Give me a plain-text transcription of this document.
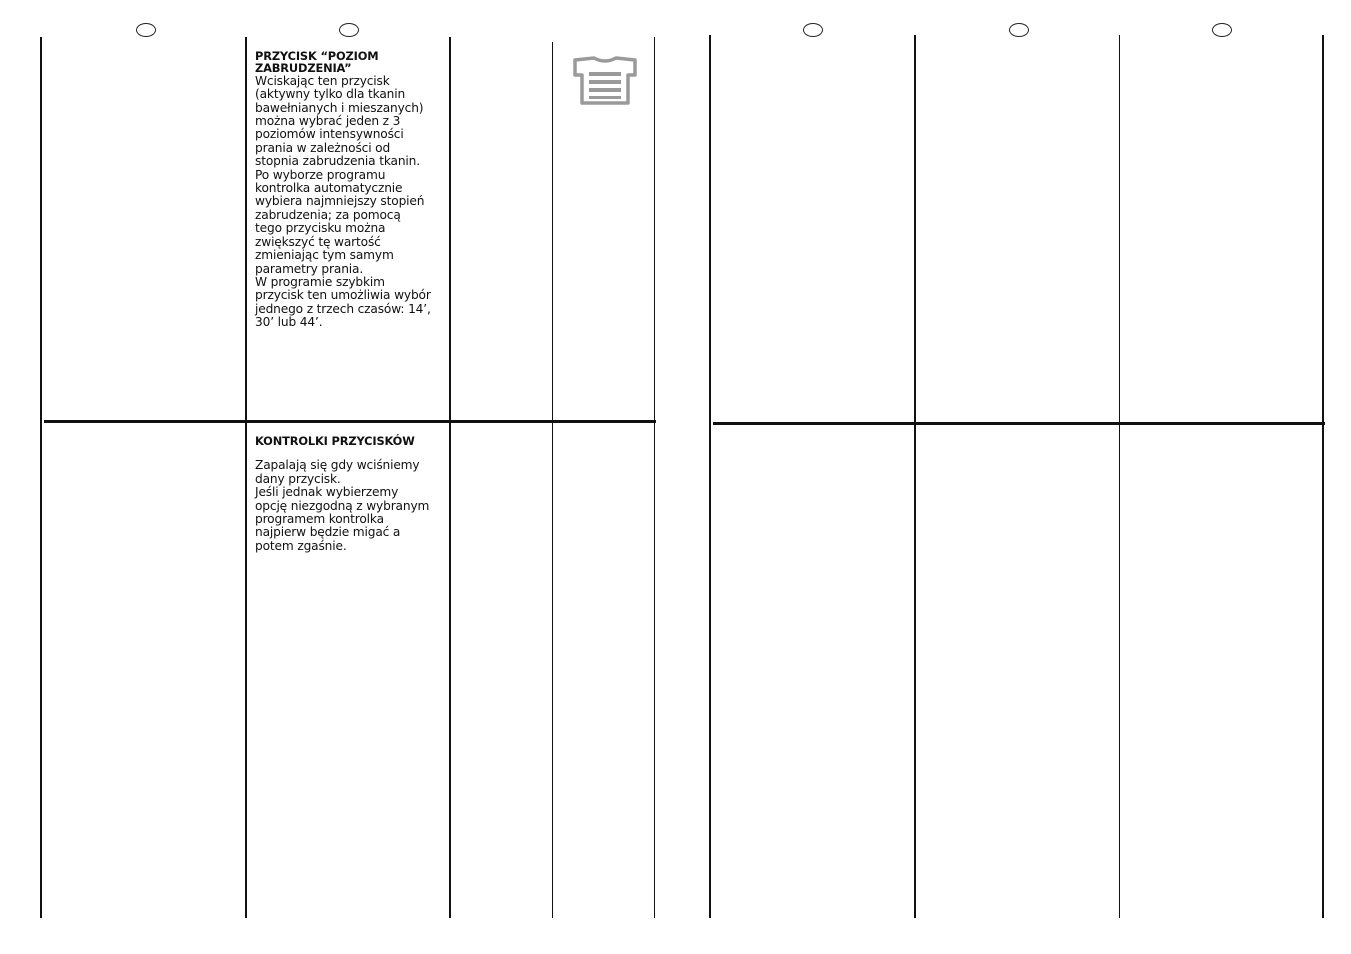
PRZYCISK “POZIOM
ZABRUDZENIA”
Wciskając ten przycisk
(aktywny tylko dla tkanin
bawełnianych i mieszanych)
można wybrać jeden z 3
poziomów intensywności
prania w zależności od
stopnia zabrudzenia tkanin.
Po wyborze programu
kontrolka automatycznie
wybiera najmniejszy stopień
zabrudzenia; za pomocą
tego przycisku można
zwiększyć tę wartość
zmieniając tym samym
parametry prania.
W programie szybkim
przycisk ten umożliwia wybór
jednego z trzech czasów: 14’,
30’ lub 44’.
KONTROLKI PRZYCISKÓW
Zapalają się gdy wciśniemy
dany przycisk.
Jeśli jednak wybierzemy
opcję niezgodną z wybranym
programem kontrolka
najpierw będzie migać a
potem zgaśnie.
